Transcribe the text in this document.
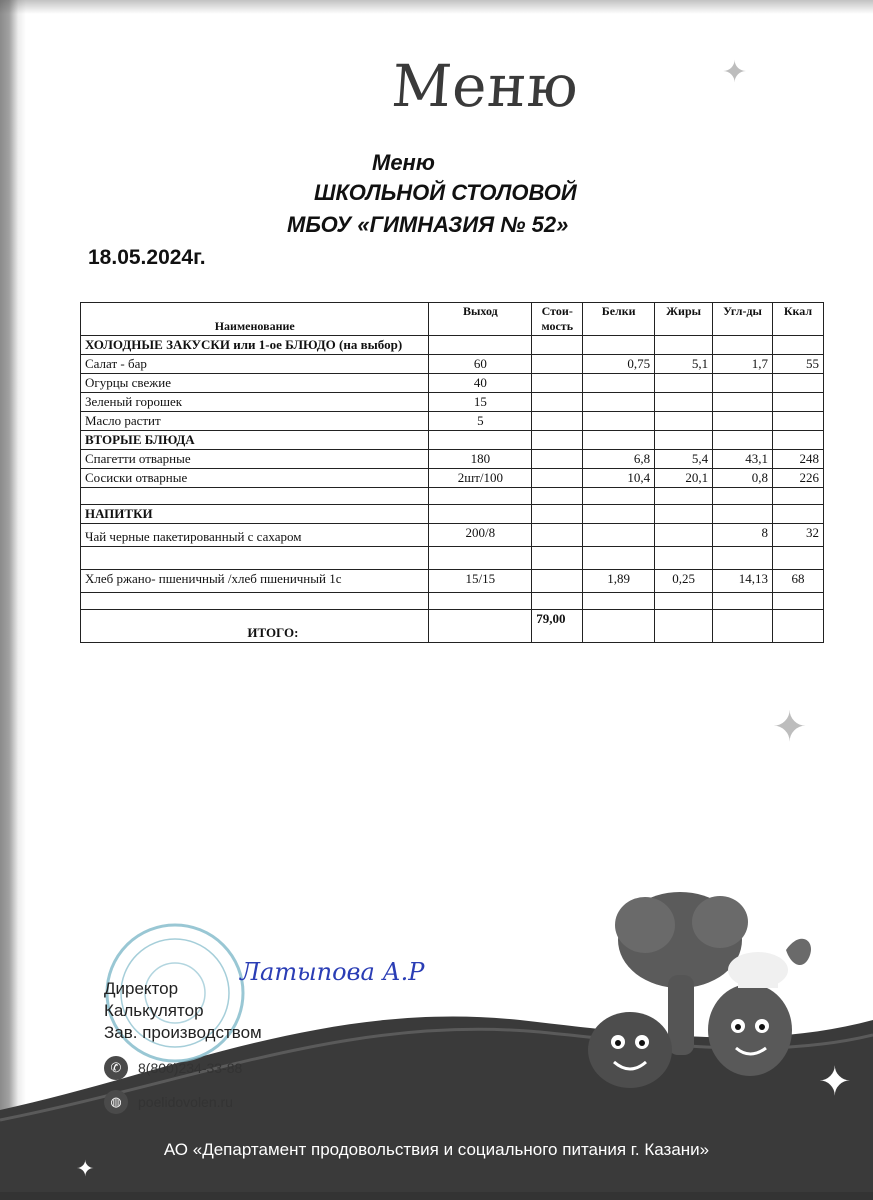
Меню	✦
✦
Меню
ШКОЛЬНОЙ СТОЛОВОЙ
МБОУ «ГИМНАЗИЯ № 52»
18.05.2024г.
Наименование	Выход	Стои-мость	Белки	Жиры	Угл-ды	Ккал
ХОЛОДНЫЕ ЗАКУСКИ или 1-ое БЛЮДО (на выбор)						
Салат - бар	60		0,75	5,1	1,7	55
Огурцы свежие	40					
Зеленый горошек	15					
Масло растит	5					
ВТОРЫЕ БЛЮДА						
Спагетти отварные	180		6,8	5,4	43,1	248
Сосиски отварные	2шт/100		10,4	20,1	0,8	226

НАПИТКИ						
Чай черные пакетированный с сахаром	200/8				8	32

Хлеб ржано- пшеничный /хлеб пшеничный 1с	15/15		1,89	0,25	14,13	68

ИТОГО:		79,00				
Латыпова А.Р
Директор
Калькулятор
Зав. производством
✆	8(800)234-33-88
◍	poelidovolen.ru	✦
✦
АО «Департамент продовольствия и социального питания г. Казани»
